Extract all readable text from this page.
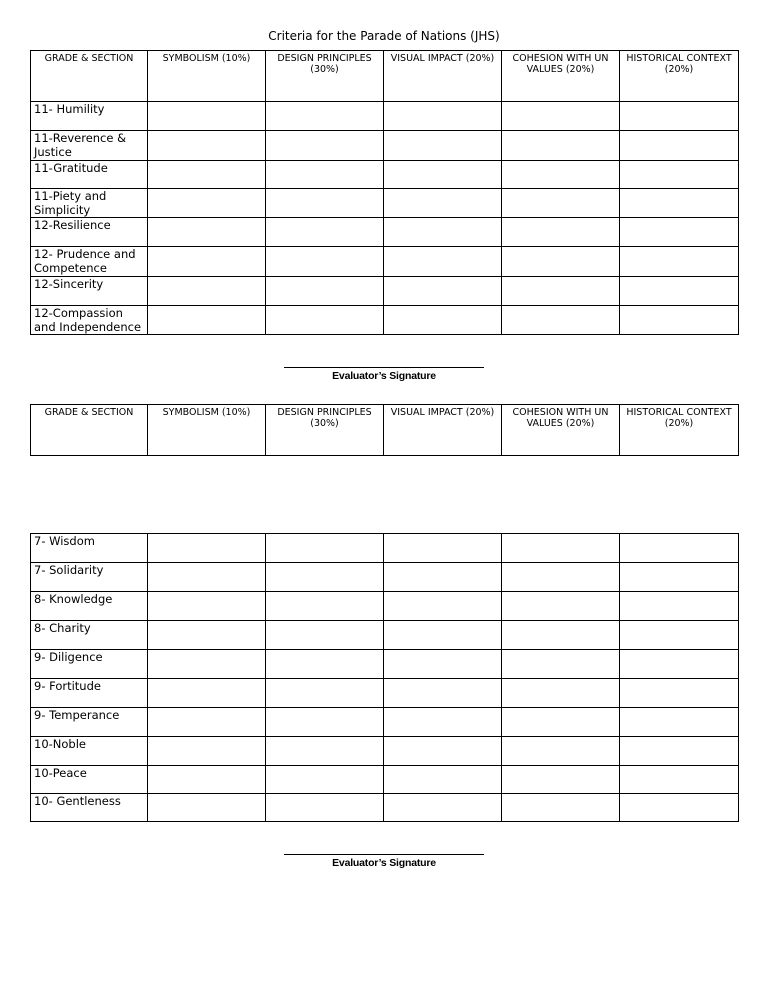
Criteria for the Parade of Nations (JHS)
GRADE & SECTION	SYMBOLISM (10%)	DESIGN PRINCIPLES (30%)	VISUAL IMPACT (20%)	COHESION WITH UN VALUES (20%)	HISTORICAL CONTEXT (20%)
11- Humility					
11-Reverence & Justice					
11-Gratitude					
11-Piety and Simplicity					
12-Resilience					
12- Prudence and Competence					
12-Sincerity					
12-Compassion and Independence					
Evaluator’s Signature
GRADE & SECTION	SYMBOLISM (10%)	DESIGN PRINCIPLES (30%)	VISUAL IMPACT (20%)	COHESION WITH UN VALUES (20%)	HISTORICAL CONTEXT (20%)
7- Wisdom					
7- Solidarity					
8- Knowledge					
8- Charity					
9- Diligence					
9- Fortitude					
9- Temperance					
10-Noble					
10-Peace					
10- Gentleness					
Evaluator’s Signature
